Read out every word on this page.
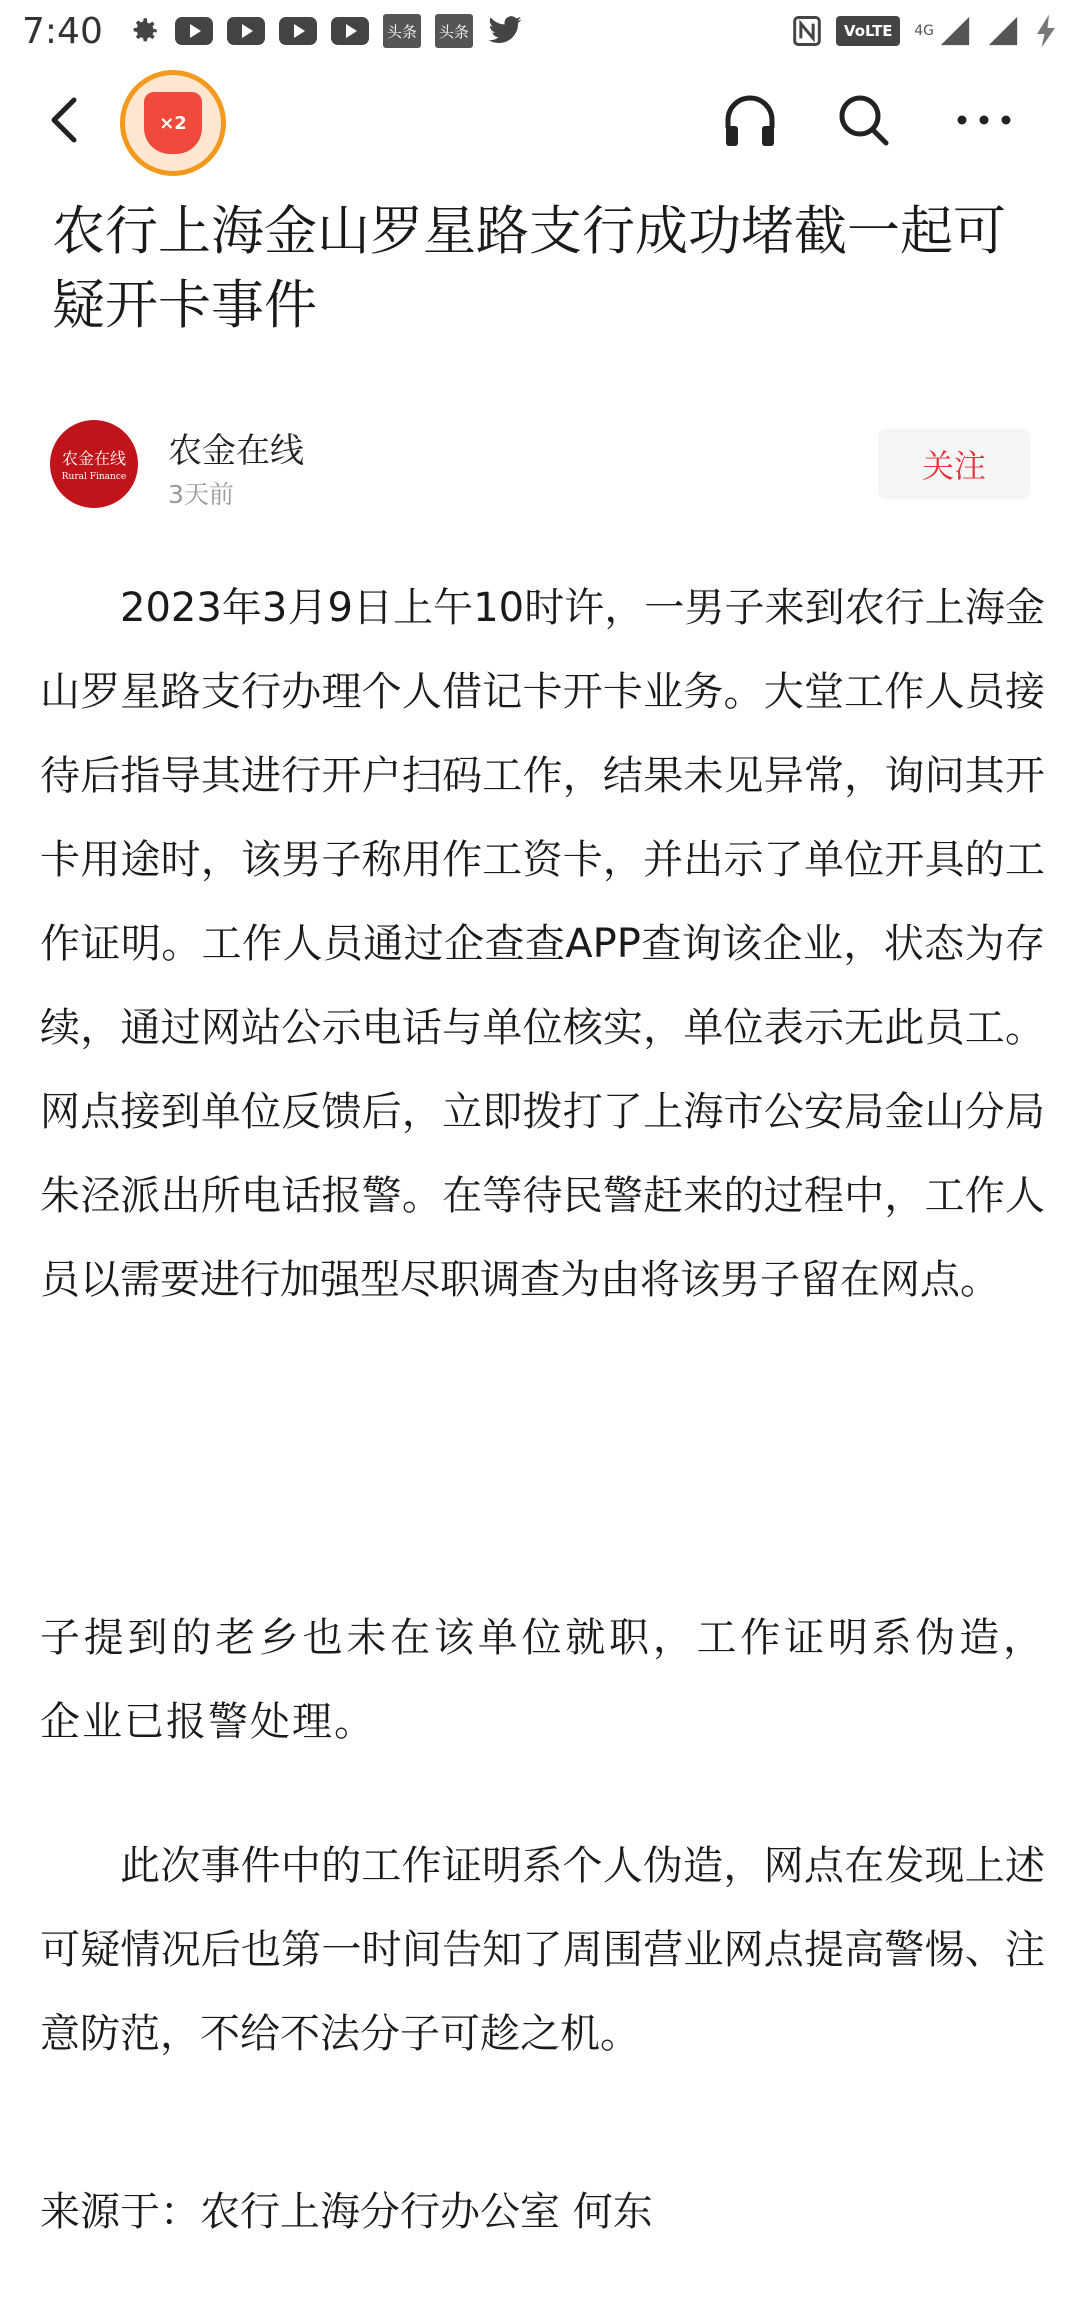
7:40	头条 头条	VoLTE	4G
×2
农行上海金山罗星路支行成功堵截一起可疑开卡事件
农金在线
Rural Finance
农金在线
3天前
关注

2023年3月9日上午10时许，一男子来到农行上海金山罗星路支行办理个人借记卡开卡业务。大堂工作人员接待后指导其进行开户扫码工作，结果未见异常，询问其开卡用途时，该男子称用作工资卡，并出示了单位开具的工作证明。工作人员通过企查查APP查询该企业，状态为存续，通过网站公示电话与单位核实，单位表示无此员工。网点接到单位反馈后，立即拨打了上海市公安局金山分局朱泾派出所电话报警。在等待民警赶来的过程中，工作人员以需要进行加强型尽职调查为由将该男子留在网点。

子提到的老乡也未在该单位就职，工作证明系伪造，企业已报警处理。

此次事件中的工作证明系个人伪造，网点在发现上述可疑情况后也第一时间告知了周围营业网点提高警惕、注意防范，不给不法分子可趁之机。

来源于：农行上海分行办公室 何东
